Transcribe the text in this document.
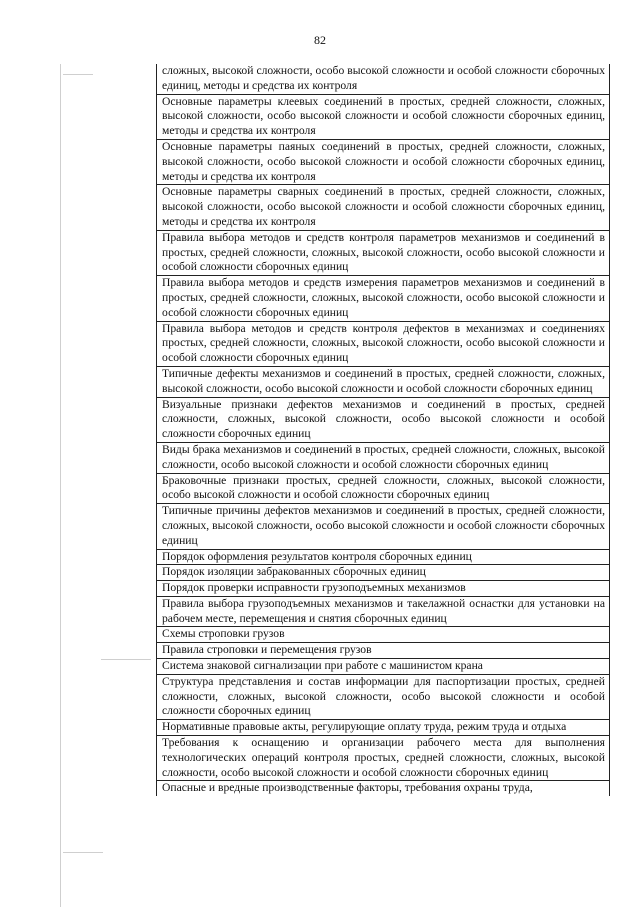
82
сложных, высокой сложности, особо высокой сложности и особой сложности сборочных единиц, методы и средства их контроля
Основные параметры клеевых соединений в простых, средней сложности, сложных, высокой сложности, особо высокой сложности и особой сложности сборочных единиц, методы и средства их контроля
Основные параметры паяных соединений в простых, средней сложности, сложных, высокой сложности, особо высокой сложности и особой сложности сборочных единиц, методы и средства их контроля
Основные параметры сварных соединений в простых, средней сложности, сложных, высокой сложности, особо высокой сложности и особой сложности сборочных единиц, методы и средства их контроля
Правила выбора методов и средств контроля параметров механизмов и соединений в простых, средней сложности, сложных, высокой сложности, особо высокой сложности и особой сложности сборочных единиц
Правила выбора методов и средств измерения параметров механизмов и соединений в простых, средней сложности, сложных, высокой сложности, особо высокой сложности и особой сложности сборочных единиц
Правила выбора методов и средств контроля дефектов в механизмах и соединениях простых, средней сложности, сложных, высокой сложности, особо высокой сложности и особой сложности сборочных единиц
Типичные дефекты механизмов и соединений в простых, средней сложности, сложных, высокой сложности, особо высокой сложности и особой сложности сборочных единиц
Визуальные признаки дефектов механизмов и соединений в простых, средней сложности, сложных, высокой сложности, особо высокой сложности и особой сложности сборочных единиц
Виды брака механизмов и соединений в простых, средней сложности, сложных, высокой сложности, особо высокой сложности и особой сложности сборочных единиц
Браковочные признаки простых, средней сложности, сложных, высокой сложности, особо высокой сложности и особой сложности сборочных единиц
Типичные причины дефектов механизмов и соединений в простых, средней сложности, сложных, высокой сложности, особо высокой сложности и особой сложности сборочных единиц
Порядок оформления результатов контроля сборочных единиц
Порядок изоляции забракованных сборочных единиц
Порядок проверки исправности грузоподъемных механизмов
Правила выбора грузоподъемных механизмов и такелажной оснастки для установки на рабочем месте, перемещения и снятия сборочных единиц
Схемы строповки грузов
Правила строповки и перемещения грузов
Система знаковой сигнализации при работе с машинистом крана
Структура представления и состав информации для паспортизации простых, средней сложности, сложных, высокой сложности, особо высокой сложности и особой сложности сборочных единиц
Нормативные правовые акты, регулирующие оплату труда, режим труда и отдыха
Требования к оснащению и организации рабочего места для выполнения технологических операций контроля простых, средней сложности, сложных, высокой сложности, особо высокой сложности и особой сложности сборочных единиц
Опасные и вредные производственные факторы, требования охраны труда,
